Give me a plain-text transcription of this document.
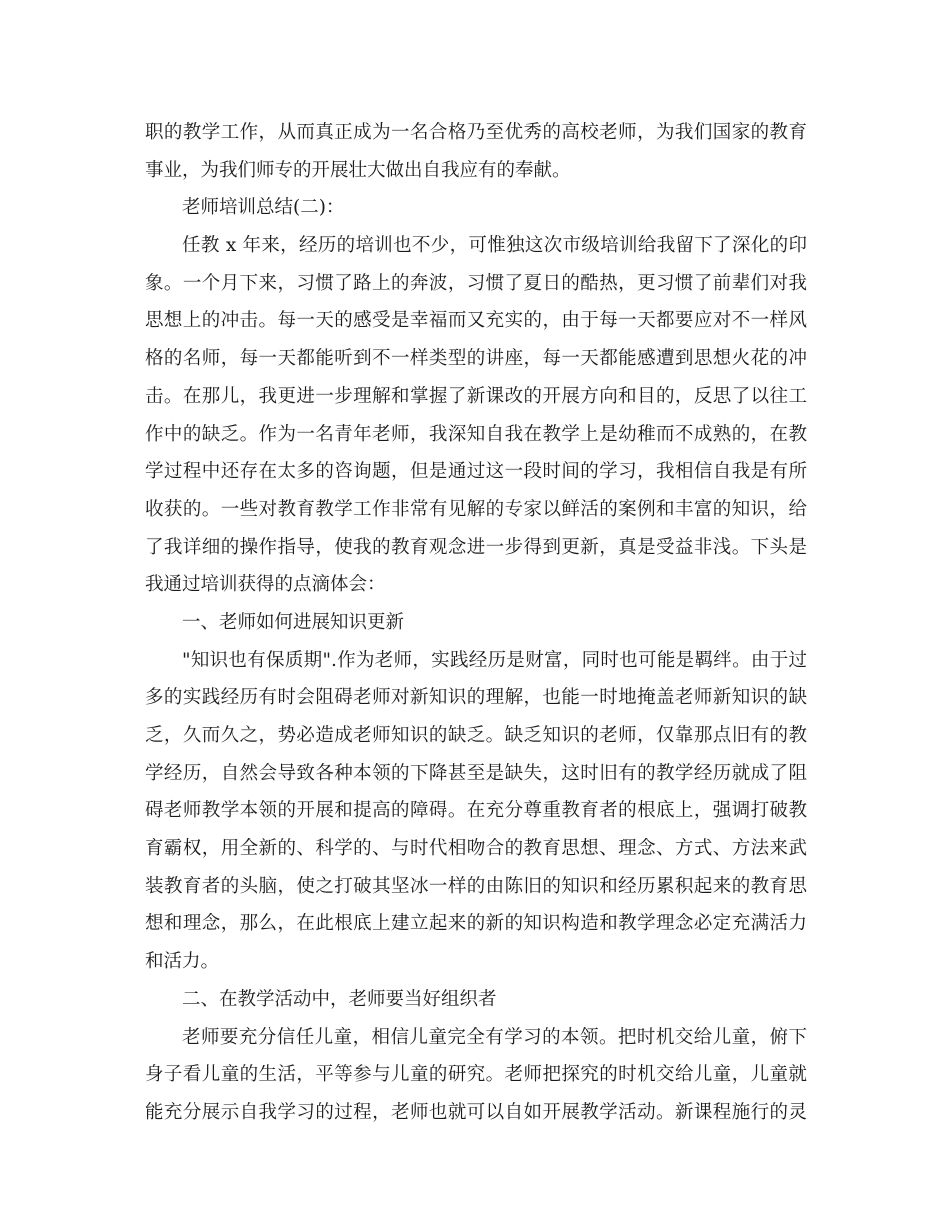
职的教学工作，从而真正成为一名合格乃至优秀的高校老师，为我们国家的教育
事业，为我们师专的开展壮大做出自我应有的奉献。
老师培训总结(二)：
任教 x 年来，经历的培训也不少，可惟独这次市级培训给我留下了深化的印
象。一个月下来，习惯了路上的奔波，习惯了夏日的酷热，更习惯了前辈们对我
思想上的冲击。每一天的感受是幸福而又充实的，由于每一天都要应对不一样风
格的名师，每一天都能听到不一样类型的讲座，每一天都能感遭到思想火花的冲
击。在那儿，我更进一步理解和掌握了新课改的开展方向和目的，反思了以往工
作中的缺乏。作为一名青年老师，我深知自我在教学上是幼稚而不成熟的，在教
学过程中还存在太多的咨询题，但是通过这一段时间的学习，我相信自我是有所
收获的。一些对教育教学工作非常有见解的专家以鲜活的案例和丰富的知识，给
了我详细的操作指导，使我的教育观念进一步得到更新，真是受益非浅。下头是
我通过培训获得的点滴体会：
一、老师如何进展知识更新
"知识也有保质期".作为老师，实践经历是财富，同时也可能是羁绊。由于过
多的实践经历有时会阻碍老师对新知识的理解，也能一时地掩盖老师新知识的缺
乏，久而久之，势必造成老师知识的缺乏。缺乏知识的老师，仅靠那点旧有的教
学经历，自然会导致各种本领的下降甚至是缺失，这时旧有的教学经历就成了阻
碍老师教学本领的开展和提高的障碍。在充分尊重教育者的根底上，强调打破教
育霸权，用全新的、科学的、与时代相吻合的教育思想、理念、方式、方法来武
装教育者的头脑，使之打破其坚冰一样的由陈旧的知识和经历累积起来的教育思
想和理念，那么，在此根底上建立起来的新的知识构造和教学理念必定充满活力
和活力。
二、在教学活动中，老师要当好组织者
老师要充分信任儿童，相信儿童完全有学习的本领。把时机交给儿童，俯下
身子看儿童的生活，平等参与儿童的研究。老师把探究的时机交给儿童，儿童就
能充分展示自我学习的过程，老师也就可以自如开展教学活动。新课程施行的灵
